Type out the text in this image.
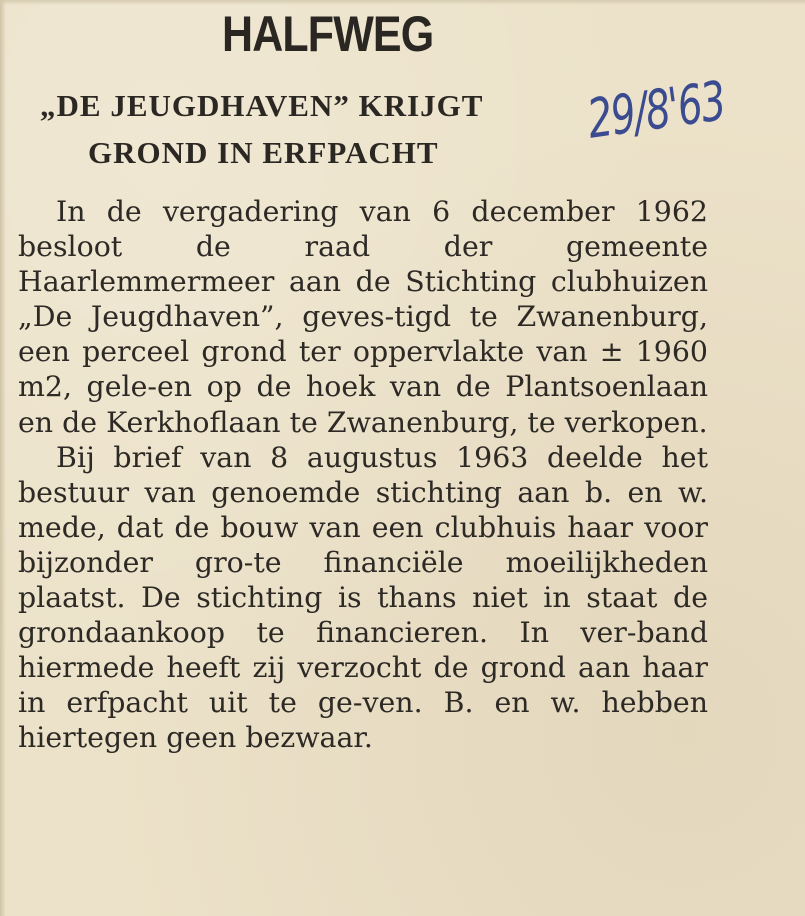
HALFWEG
„DE JEUGDHAVEN” KRIJGT
GROND IN ERFPACHT
29/8'63

In de vergadering van 6 december 1962 besloot de raad der gemeente Haarlemmermeer aan de Stichting clubhuizen „De Jeugdhaven”, geves-tigd te Zwanenburg, een perceel grond ter oppervlakte van ± 1960 m2, gele-en op de hoek van de Plantsoenlaan en de Kerkhoflaan te Zwanenburg, te verkopen.

Bij brief van 8 augustus 1963 deelde het bestuur van genoemde stichting aan b. en w. mede, dat de bouw van een clubhuis haar voor bijzonder gro-te financiële moeilijkheden plaatst. De stichting is thans niet in staat de grondaankoop te financieren. In ver-band hiermede heeft zij verzocht de grond aan haar in erfpacht uit te ge-ven. B. en w. hebben hiertegen geen bezwaar.
